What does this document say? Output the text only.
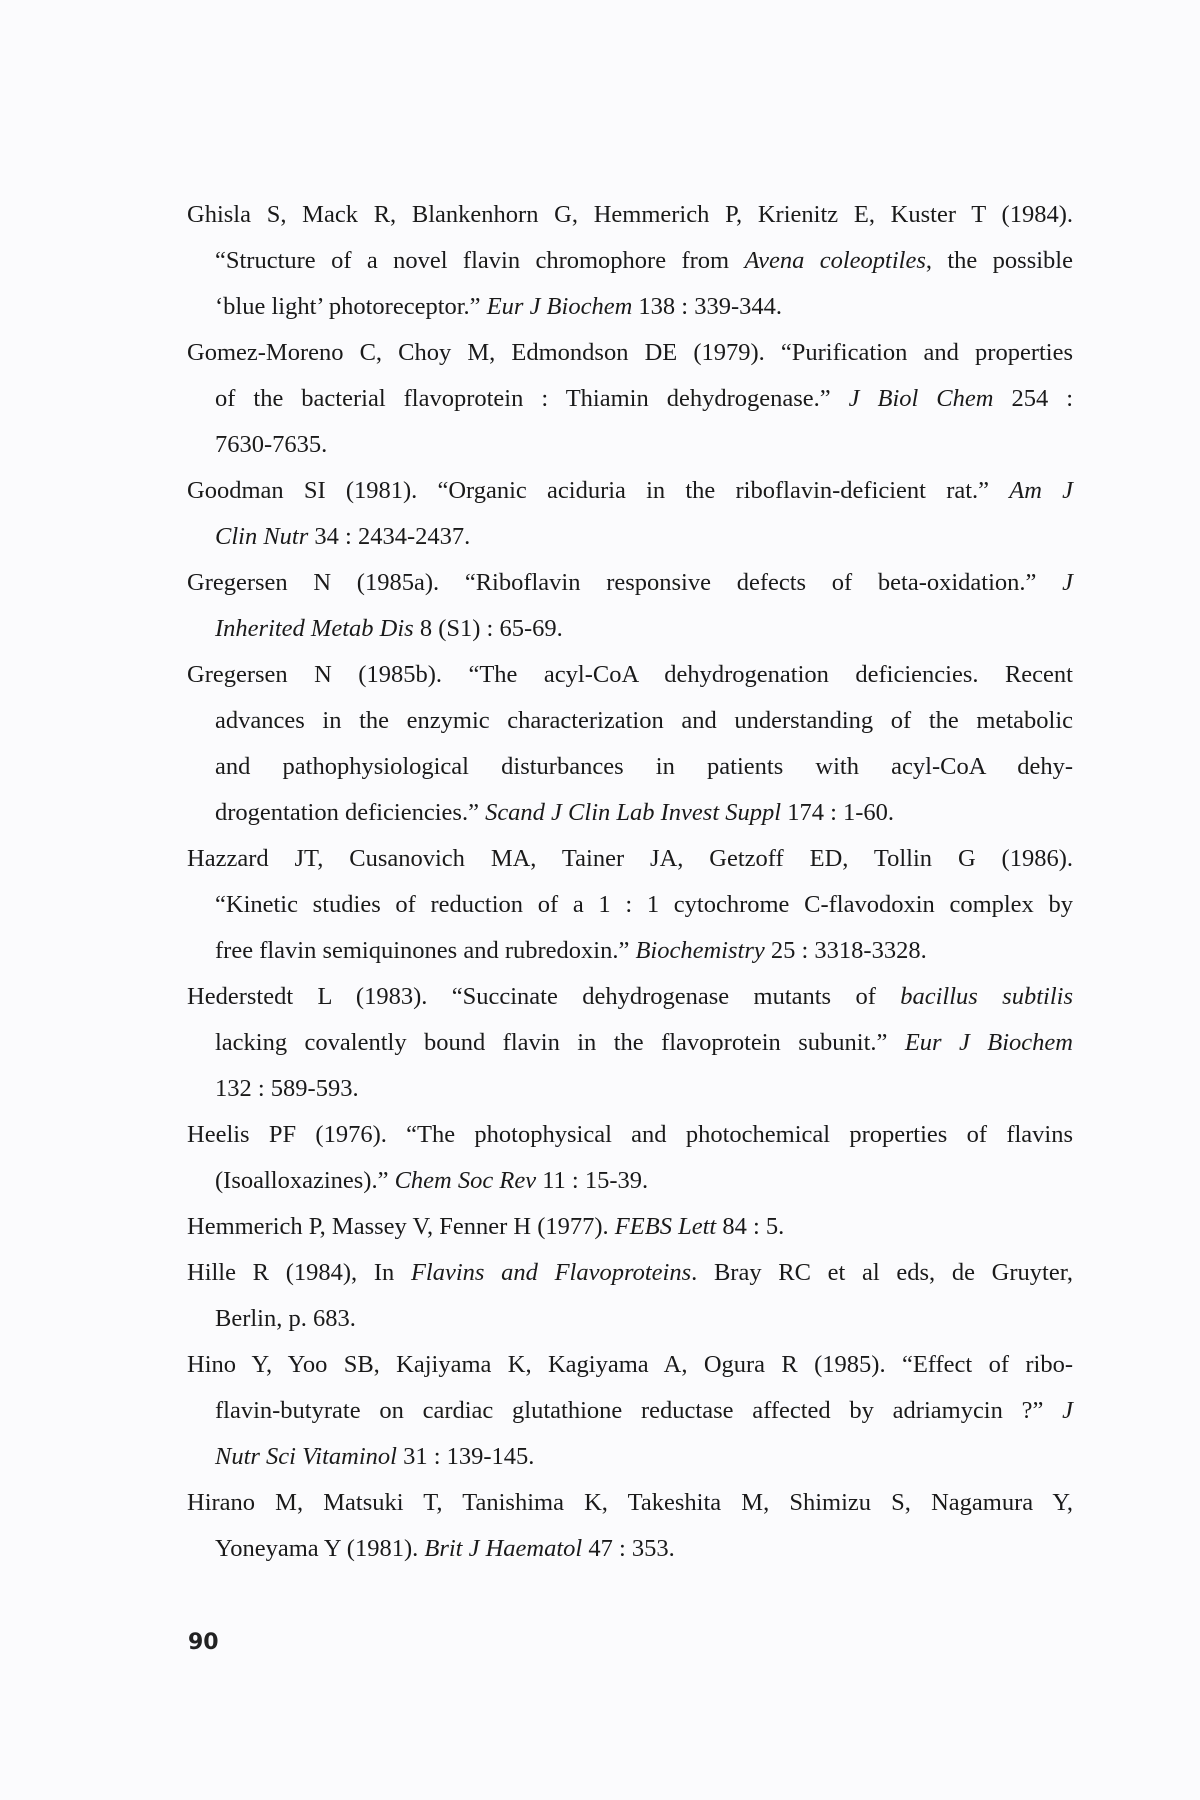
Ghisla S, Mack R, Blankenhorn G, Hemmerich P, Krienitz E, Kuster T (1984).
“Structure of a novel flavin chromophore from Avena coleoptiles, the possible
‘blue light’ photoreceptor.” Eur J Biochem 138 : 339-344.
Gomez-Moreno C, Choy M, Edmondson DE (1979). “Purification and properties
of the bacterial flavoprotein : Thiamin dehydrogenase.” J Biol Chem 254 :
7630-7635.
Goodman SI (1981). “Organic aciduria in the riboflavin-deficient rat.” Am J
Clin Nutr 34 : 2434-2437.
Gregersen N (1985a). “Riboflavin responsive defects of beta-oxidation.” J
Inherited Metab Dis 8 (S1) : 65-69.
Gregersen N (1985b). “The acyl-CoA dehydrogenation deficiencies. Recent
advances in the enzymic characterization and understanding of the metabolic
and pathophysiological disturbances in patients with acyl-CoA dehy-
drogentation deficiencies.” Scand J Clin Lab Invest Suppl 174 : 1-60.
Hazzard JT, Cusanovich MA, Tainer JA, Getzoff ED, Tollin G (1986).
“Kinetic studies of reduction of a 1 : 1 cytochrome C-flavodoxin complex by
free flavin semiquinones and rubredoxin.” Biochemistry 25 : 3318-3328.
Hederstedt L (1983). “Succinate dehydrogenase mutants of bacillus subtilis
lacking covalently bound flavin in the flavoprotein subunit.” Eur J Biochem
132 : 589-593.
Heelis PF (1976). “The photophysical and photochemical properties of flavins
(Isoalloxazines).” Chem Soc Rev 11 : 15-39.
Hemmerich P, Massey V, Fenner H (1977). FEBS Lett 84 : 5.
Hille R (1984), In Flavins and Flavoproteins. Bray RC et al eds, de Gruyter,
Berlin, p. 683.
Hino Y, Yoo SB, Kajiyama K, Kagiyama A, Ogura R (1985). “Effect of ribo-
flavin-butyrate on cardiac glutathione reductase affected by adriamycin ?” J
Nutr Sci Vitaminol 31 : 139-145.
Hirano M, Matsuki T, Tanishima K, Takeshita M, Shimizu S, Nagamura Y,
Yoneyama Y (1981). Brit J Haematol 47 : 353.
90
